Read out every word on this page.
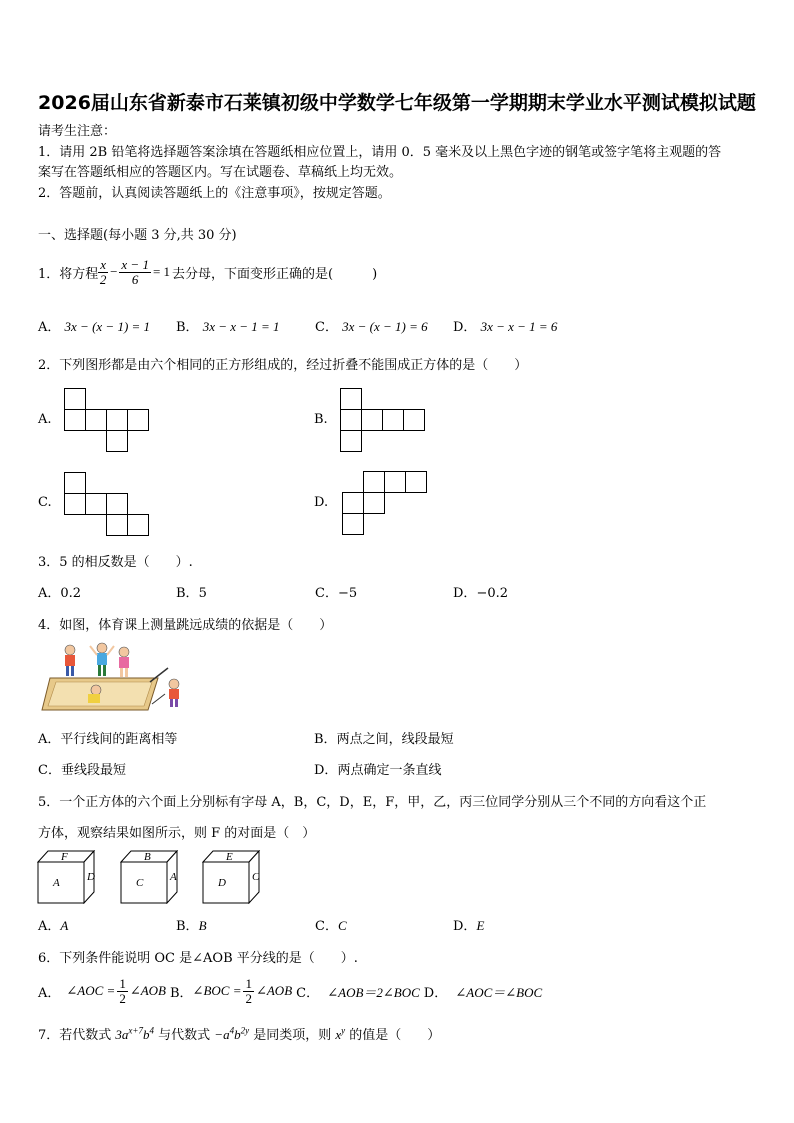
2026届山东省新泰市石莱镇初级中学数学七年级第一学期期末学业水平测试模拟试题
请考生注意：
1．请用 2B 铅笔将选择题答案涂填在答题纸相应位置上，请用 0．5 毫米及以上黑色字迹的钢笔或签字笔将主观题的答
案写在答题纸相应的答题区内。写在试题卷、草稿纸上均无效。
2．答题前，认真阅读答题纸上的《注意事项》，按规定答题。
一、选择题(每小题 3 分,共 30 分)
1．将方程 $\frac{x}{2} - \frac{x - 1}{6} = 1$ 去分母，下面变形正确的是(　　　)
A． 3x − (x − 1) = 1 B． 3x − x − 1 = 1	C． 3x − (x − 1) = 6 D． 3x − x − 1 = 6
2．下列图形都是由六个相同的正方形组成的，经过折叠不能围成正方体的是（　　）
A.	B.
C.	D.
3．5 的相反数是（　　）.
A．0.2	B．5	C．−5	D．−0.2
4．如图，体育课上测量跳远成绩的依据是（　　）
A．平行线间的距离相等	B．两点之间，线段最短
C．垂线段最短	D．两点确定一条直线
5．一个正方体的六个面上分别标有字母 A，B，C，D，E，F，甲，乙，丙三位同学分别从三个不同的方向看这个正
方体，观察结果如图所示，则 F 的对面是（　）
F
A D
B
C A
E
D C
A．A	B．B	C．C	D．E
6．下列条件能说明 OC 是∠AOB 平分线的是（　　）.
A． ∠AOC = $\frac{1}{2}$ ∠AOB B． ∠BOC = $\frac{1}{2}$ ∠AOB C． ∠AOB＝2∠BOC D． ∠AOC＝∠BOC
7．若代数式 $3a^{x+7}b^4$ 与代数式 $-a^4b^{2y}$ 是同类项，则 $x^y$ 的值是（　　）
